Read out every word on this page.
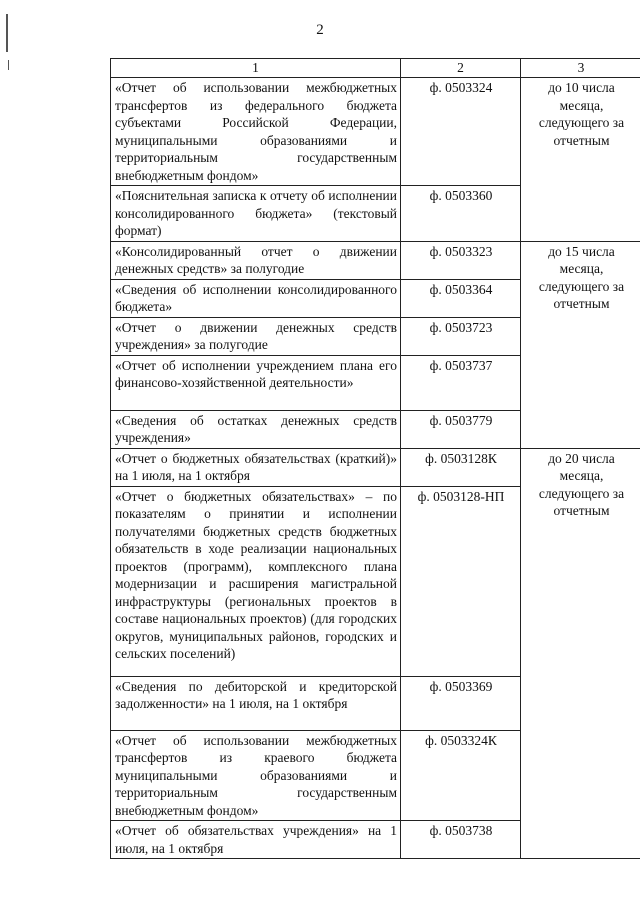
2
1	2	3
«Отчет об использовании межбюджетных трансфертов из федерального бюджета субъектами Российской Федерации, муниципальными образованиями и территориальным государственным внебюджетным фондом»	ф. 0503324	до 10 числа месяца, следующего за отчетным
«Пояснительная записка к отчету об исполнении консолидированного бюджета» (текстовый формат)	ф. 0503360	
«Консолидированный отчет о движении денежных средств» за полугодие	ф. 0503323	до 15 числа месяца, следующего за отчетным
«Сведения об исполнении консолидированного бюджета»	ф. 0503364	
«Отчет о движении денежных средств учреждения» за полугодие	ф. 0503723	
«Отчет об исполнении учреждением плана его финансово-хозяйственной деятельности»	ф. 0503737	
«Сведения об остатках денежных средств учреждения»	ф. 0503779	
«Отчет о бюджетных обязательствах (краткий)» на 1 июля, на 1 октября	ф. 0503128К	до 20 числа месяца, следующего за отчетным
«Отчет о бюджетных обязательствах» – по показателям о принятии и исполнении получателями бюджетных средств бюджетных обязательств в ходе реализации национальных проектов (программ), комплексного плана модернизации и расширения магистральной инфраструктуры (региональных проектов в составе национальных проектов) (для городских округов, муниципальных районов, городских и сельских поселений)	ф. 0503128-НП	
«Сведения по дебиторской и кредиторской задолженности» на 1 июля, на 1 октября	ф. 0503369	
«Отчет об использовании межбюджетных трансфертов из краевого бюджета муниципальными образованиями и территориальным государственным внебюджетным фондом»	ф. 0503324К	
«Отчет об обязательствах учреждения» на 1 июля, на 1 октября	ф. 0503738	
